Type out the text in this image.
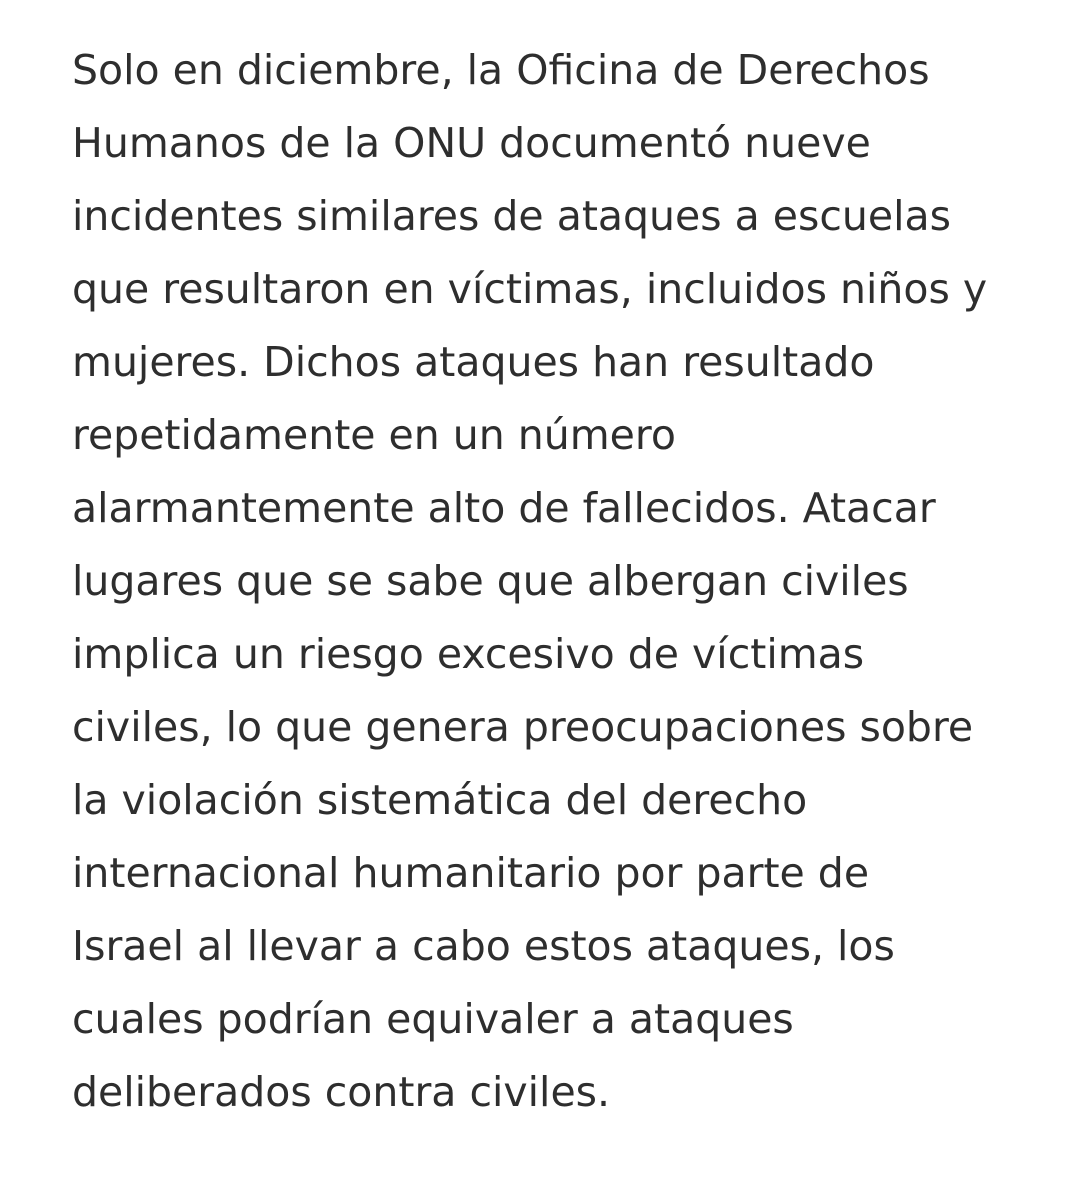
Solo en diciembre, la Oficina de Derechos
Humanos de la ONU documentó nueve
incidentes similares de ataques a escuelas
que resultaron en víctimas, incluidos niños y
mujeres. Dichos ataques han resultado
repetidamente en un número
alarmantemente alto de fallecidos. Atacar
lugares que se sabe que albergan civiles
implica un riesgo excesivo de víctimas
civiles, lo que genera preocupaciones sobre
la violación sistemática del derecho
internacional humanitario por parte de
Israel al llevar a cabo estos ataques, los
cuales podrían equivaler a ataques
deliberados contra civiles.
